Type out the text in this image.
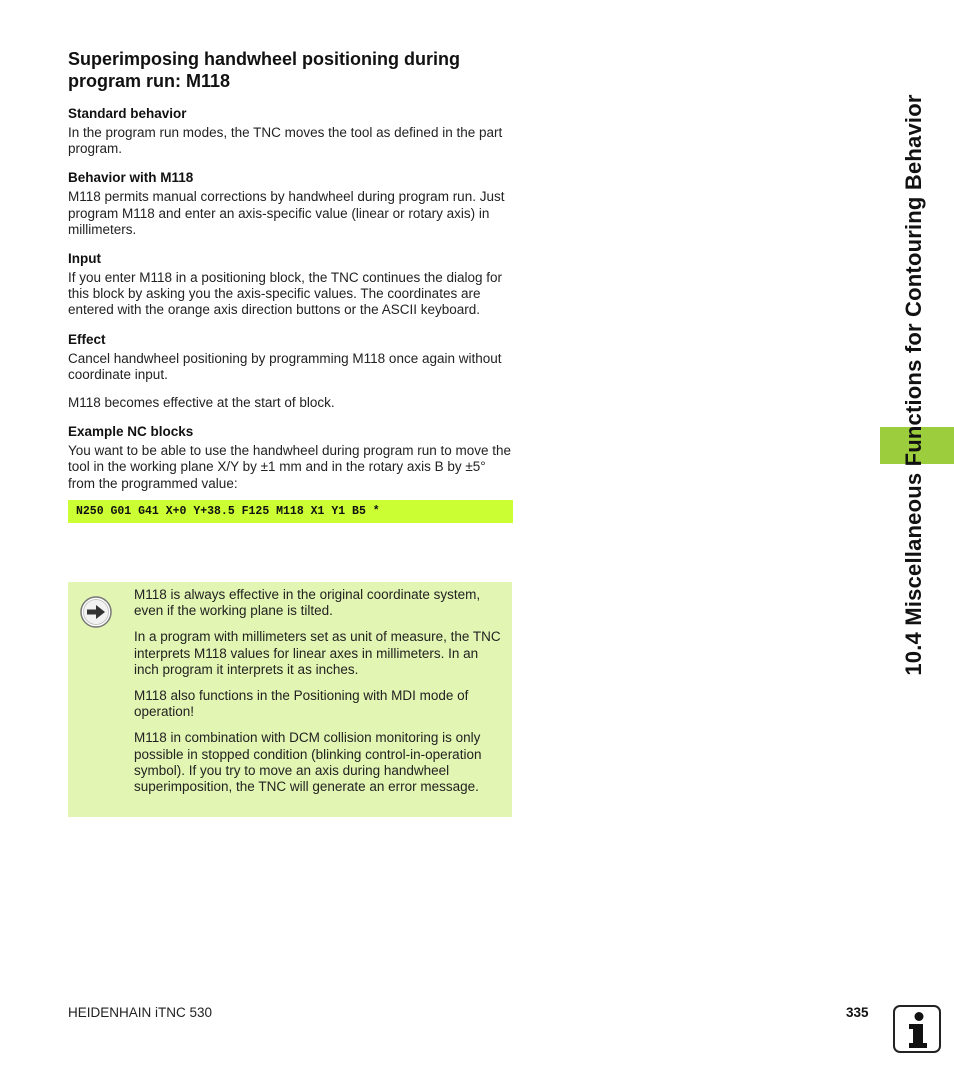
10.4 Miscellaneous Functions for Contouring Behavior
Superimposing handwheel positioning during program run: M118
Standard behavior

In the program run modes, the TNC moves the tool as defined in the part program.

Behavior with M118

M118 permits manual corrections by handwheel during program run. Just program M118 and enter an axis-specific value (linear or rotary axis) in millimeters.

Input

If you enter M118 in a positioning block, the TNC continues the dialog for this block by asking you the axis-specific values. The coordinates are entered with the orange axis direction buttons or the ASCII keyboard.

Effect

Cancel handwheel positioning by programming M118 once again without coordinate input.

M118 becomes effective at the start of block.

Example NC blocks

You want to be able to use the handwheel during program run to move the tool in the working plane X/Y by ±1 mm and in the rotary axis B by ±5° from the programmed value:

N250 G01 G41 X+0 Y+38.5 F125 M118 X1 Y1 B5 *

M118 is always effective in the original coordinate system, even if the working plane is tilted.

In a program with millimeters set as unit of measure, the TNC interprets M118 values for linear axes in millimeters. In an inch program it interprets it as inches.

M118 also functions in the Positioning with MDI mode of operation!

M118 in combination with DCM collision monitoring is only possible in stopped condition (blinking control-in-operation symbol). If you try to move an axis during handwheel superimposition, the TNC will generate an error message.

HEIDENHAIN iTNC 530	335
